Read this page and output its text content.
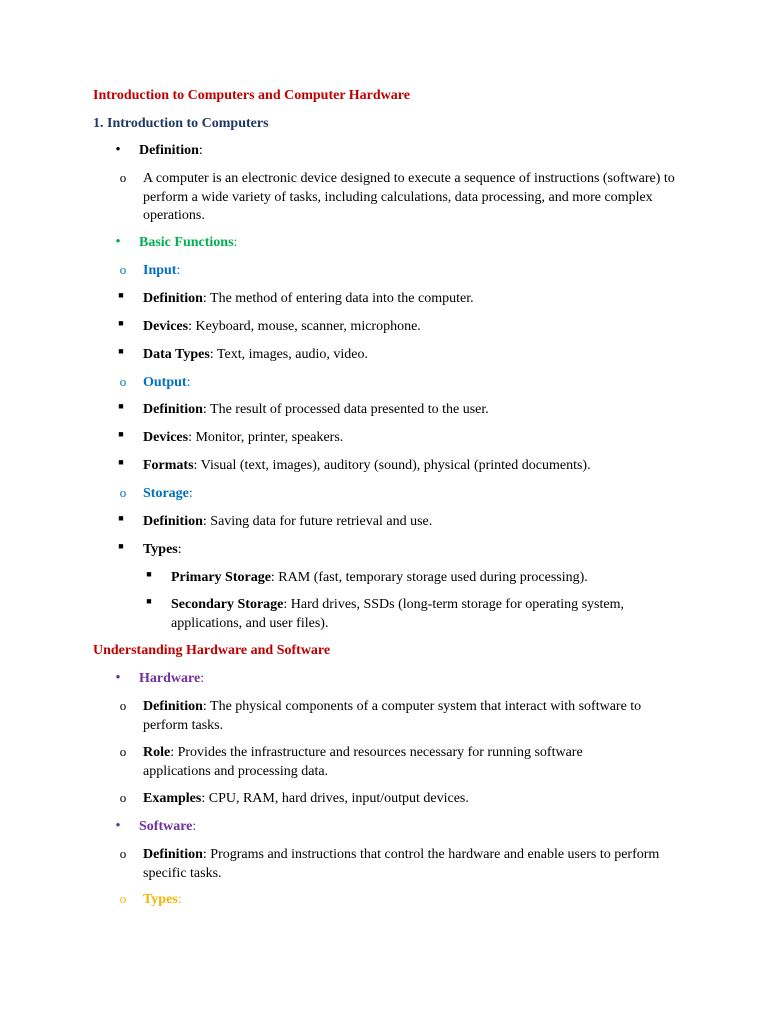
Introduction to Computers and Computer Hardware
1. Introduction to Computers
•	Definition:
o A computer is an electronic device designed to execute a sequence of instructions (software) to perform a wide variety of tasks, including calculations, data processing, and more complex operations.
•	Basic Functions:
o Input:
■	Definition: The method of entering data into the computer.
■	Devices: Keyboard, mouse, scanner, microphone.
■	Data Types: Text, images, audio, video.
o Output:
■	Definition: The result of processed data presented to the user.
■	Devices: Monitor, printer, speakers.
■	Formats: Visual (text, images), auditory (sound), physical (printed documents).
o Storage:
■	Definition: Saving data for future retrieval and use.
■	Types:
■	Primary Storage: RAM (fast, temporary storage used during processing).
■	Secondary Storage: Hard drives, SSDs (long-term storage for operating system, applications, and user files).
Understanding Hardware and Software
•	Hardware:
o Definition: The physical components of a computer system that interact with software to perform tasks.
o Role: Provides the infrastructure and resources necessary for running software applications and processing data.
o Examples: CPU, RAM, hard drives, input/output devices.
•	Software:
o Definition: Programs and instructions that control the hardware and enable users to perform specific tasks.
o Types:
